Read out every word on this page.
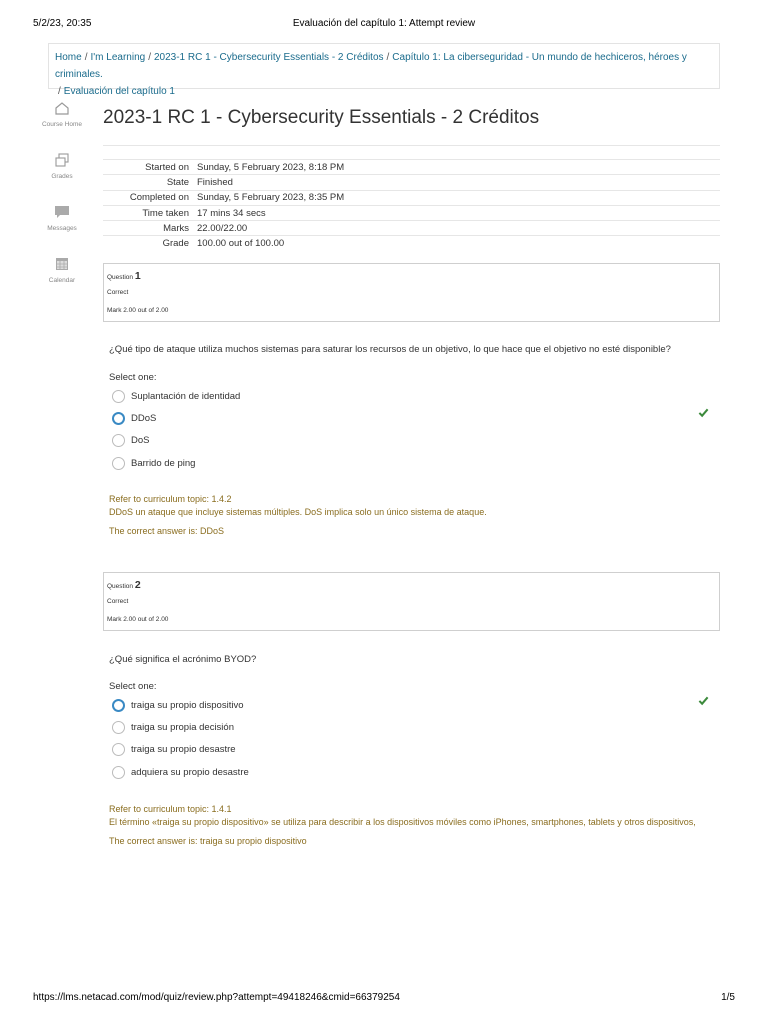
5/2/23, 20:35	Evaluación del capítulo 1: Attempt review
Home / I'm Learning / 2023-1 RC 1 - Cybersecurity Essentials - 2 Créditos / Capítulo 1: La ciberseguridad - Un mundo de hechiceros, héroes y criminales.
/ Evaluación del capítulo 1
Course Home
Grades
Messages
Calendar
2023-1 RC 1 - Cybersecurity Essentials - 2 Créditos
Started on	Sunday, 5 February 2023, 8:18 PM
State	Finished
Completed on	Sunday, 5 February 2023, 8:35 PM
Time taken	17 mins 34 secs
Marks	22.00/22.00
Grade	100.00 out of 100.00
Question 1
Correct
Mark 2.00 out of 2.00
¿Qué tipo de ataque utiliza muchos sistemas para saturar los recursos de un objetivo, lo que hace que el objetivo no esté disponible?
Select one:
Suplantación de identidad
DDoS
DoS
Barrido de ping
Refer to curriculum topic: 1.4.2
DDoS un ataque que incluye sistemas múltiples. DoS implica solo un único sistema de ataque.
The correct answer is: DDoS
Question 2
Correct
Mark 2.00 out of 2.00
¿Qué significa el acrónimo BYOD?
Select one:
traiga su propio dispositivo
traiga su propia decisión
traiga su propio desastre
adquiera su propio desastre
Refer to curriculum topic: 1.4.1
El término «traiga su propio dispositivo» se utiliza para describir a los dispositivos móviles como iPhones, smartphones, tablets y otros dispositivos,
The correct answer is: traiga su propio dispositivo
https://lms.netacad.com/mod/quiz/review.php?attempt=49418246&cmid=66379254	1/5
